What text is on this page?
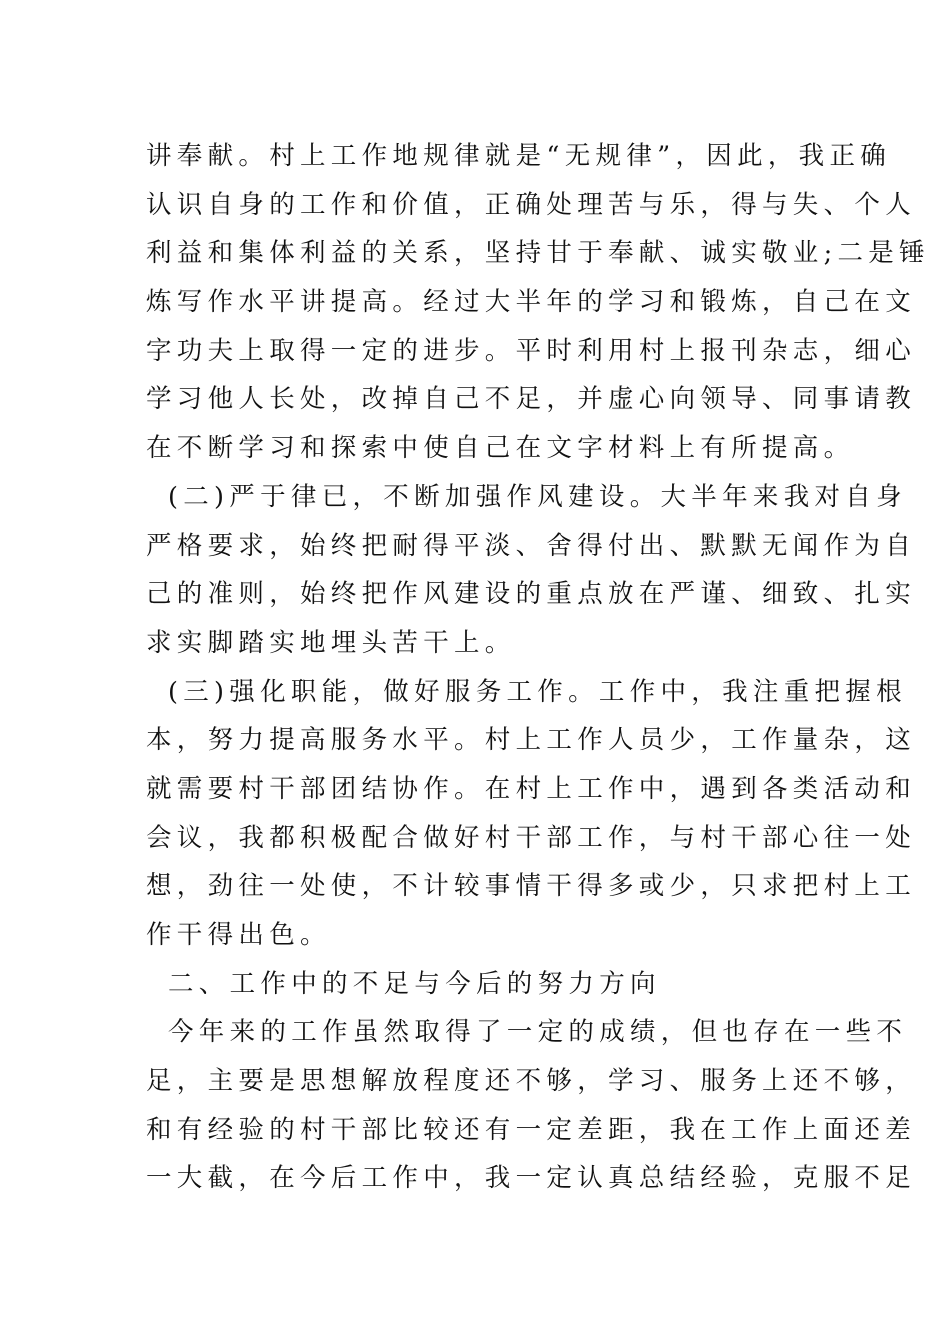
讲奉献。村上工作地规律就是“无规律”，因此，我正确
认识自身的工作和价值，正确处理苦与乐，得与失、个人
利益和集体利益的关系，坚持甘于奉献、诚实敬业;二是锤
炼写作水平讲提高。经过大半年的学习和锻炼，自己在文
字功夫上取得一定的进步。平时利用村上报刊杂志，细心
学习他人长处，改掉自己不足，并虚心向领导、同事请教
在不断学习和探索中使自己在文字材料上有所提高。
(二)严于律已，不断加强作风建设。大半年来我对自身
严格要求，始终把耐得平淡、舍得付出、默默无闻作为自
己的准则，始终把作风建设的重点放在严谨、细致、扎实
求实脚踏实地埋头苦干上。
(三)强化职能，做好服务工作。工作中，我注重把握根
本，努力提高服务水平。村上工作人员少，工作量杂，这
就需要村干部团结协作。在村上工作中，遇到各类活动和
会议，我都积极配合做好村干部工作，与村干部心往一处
想，劲往一处使，不计较事情干得多或少，只求把村上工
作干得出色。
二、工作中的不足与今后的努力方向
今年来的工作虽然取得了一定的成绩，但也存在一些不
足，主要是思想解放程度还不够，学习、服务上还不够，
和有经验的村干部比较还有一定差距，我在工作上面还差
一大截，在今后工作中，我一定认真总结经验，克服不足
